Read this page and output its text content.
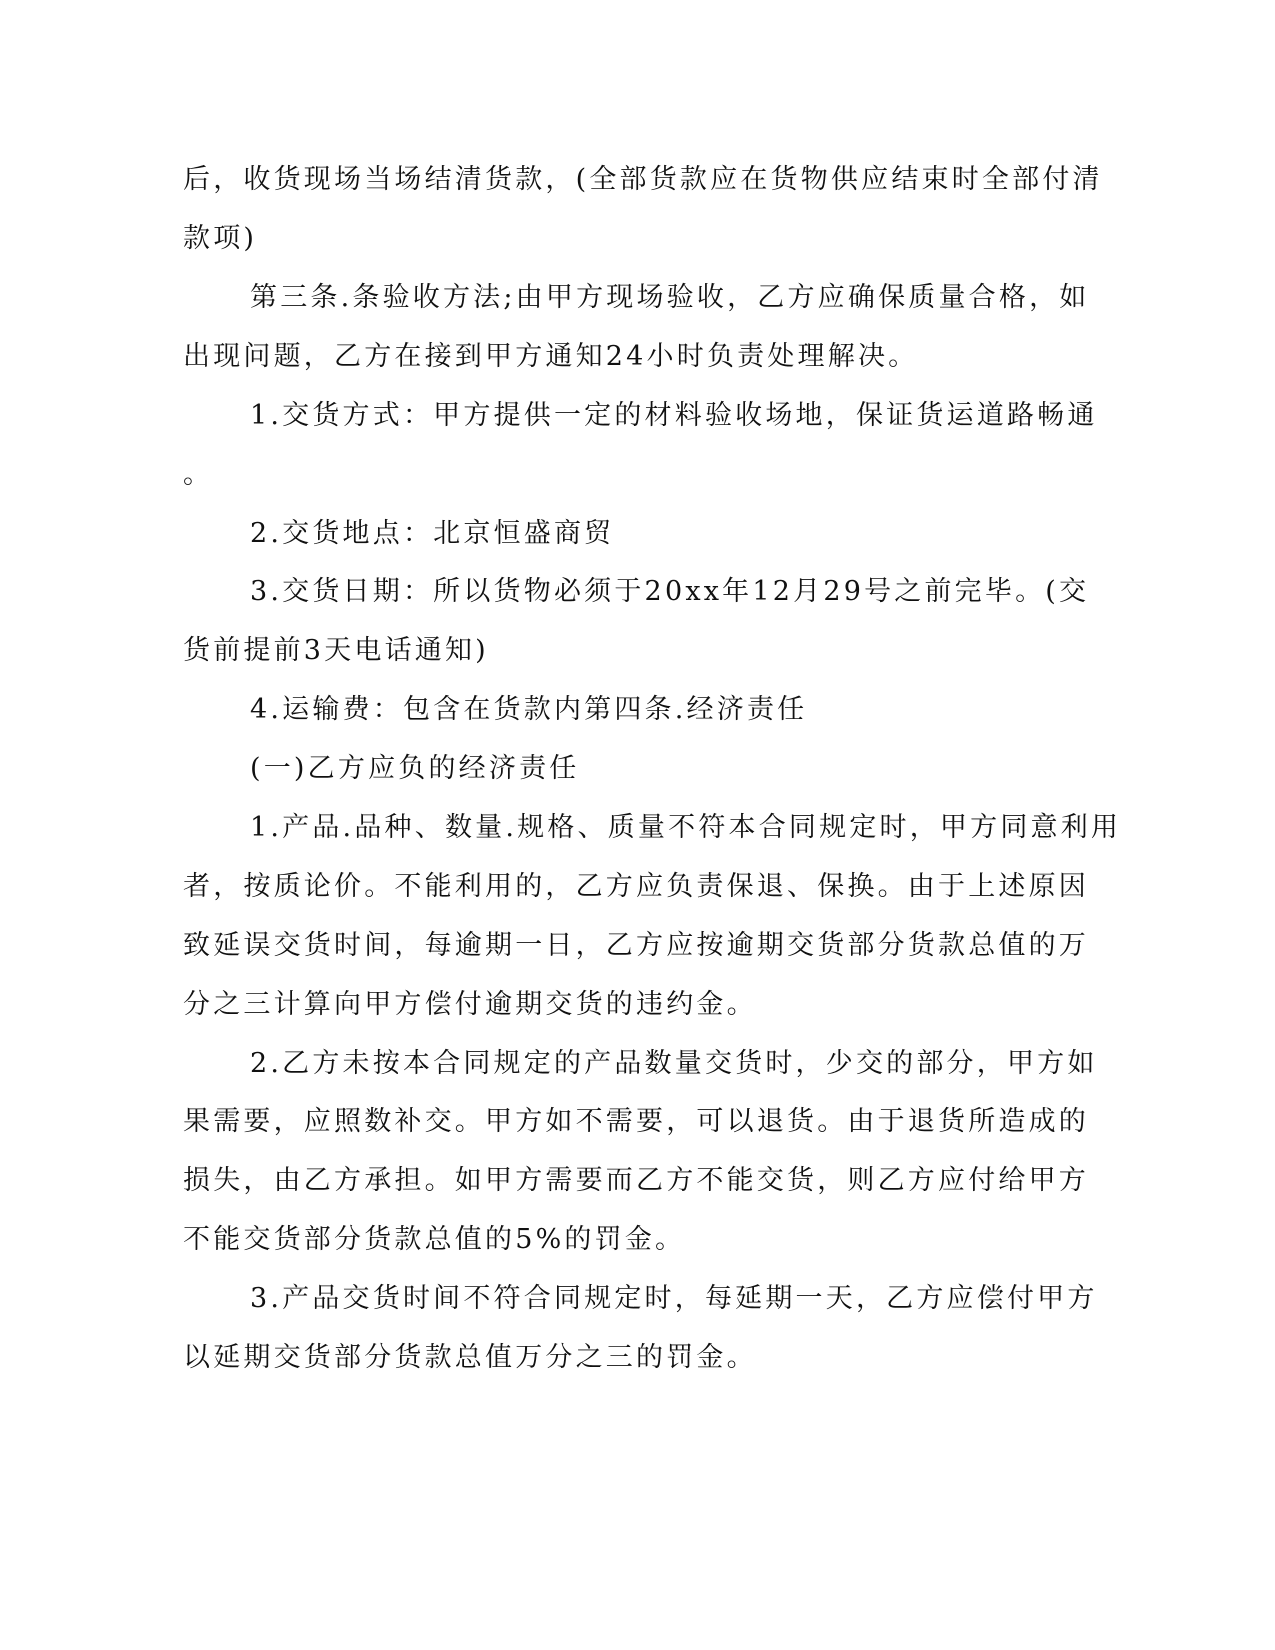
后，收货现场当场结清货款，(全部货款应在货物供应结束时全部付清
款项)
第三条.条验收方法;由甲方现场验收，乙方应确保质量合格，如
出现问题，乙方在接到甲方通知24小时负责处理解决。
1.交货方式：甲方提供一定的材料验收场地，保证货运道路畅通
。
2.交货地点：北京恒盛商贸
3.交货日期：所以货物必须于20xx年12月29号之前完毕。(交
货前提前3天电话通知)
4.运输费：包含在货款内第四条.经济责任
(一)乙方应负的经济责任
1.产品.品种、数量.规格、质量不符本合同规定时，甲方同意利用
者，按质论价。不能利用的，乙方应负责保退、保换。由于上述原因
致延误交货时间，每逾期一日，乙方应按逾期交货部分货款总值的万
分之三计算向甲方偿付逾期交货的违约金。
2.乙方未按本合同规定的产品数量交货时，少交的部分，甲方如
果需要，应照数补交。甲方如不需要，可以退货。由于退货所造成的
损失，由乙方承担。如甲方需要而乙方不能交货，则乙方应付给甲方
不能交货部分货款总值的5%的罚金。
3.产品交货时间不符合同规定时，每延期一天，乙方应偿付甲方
以延期交货部分货款总值万分之三的罚金。
